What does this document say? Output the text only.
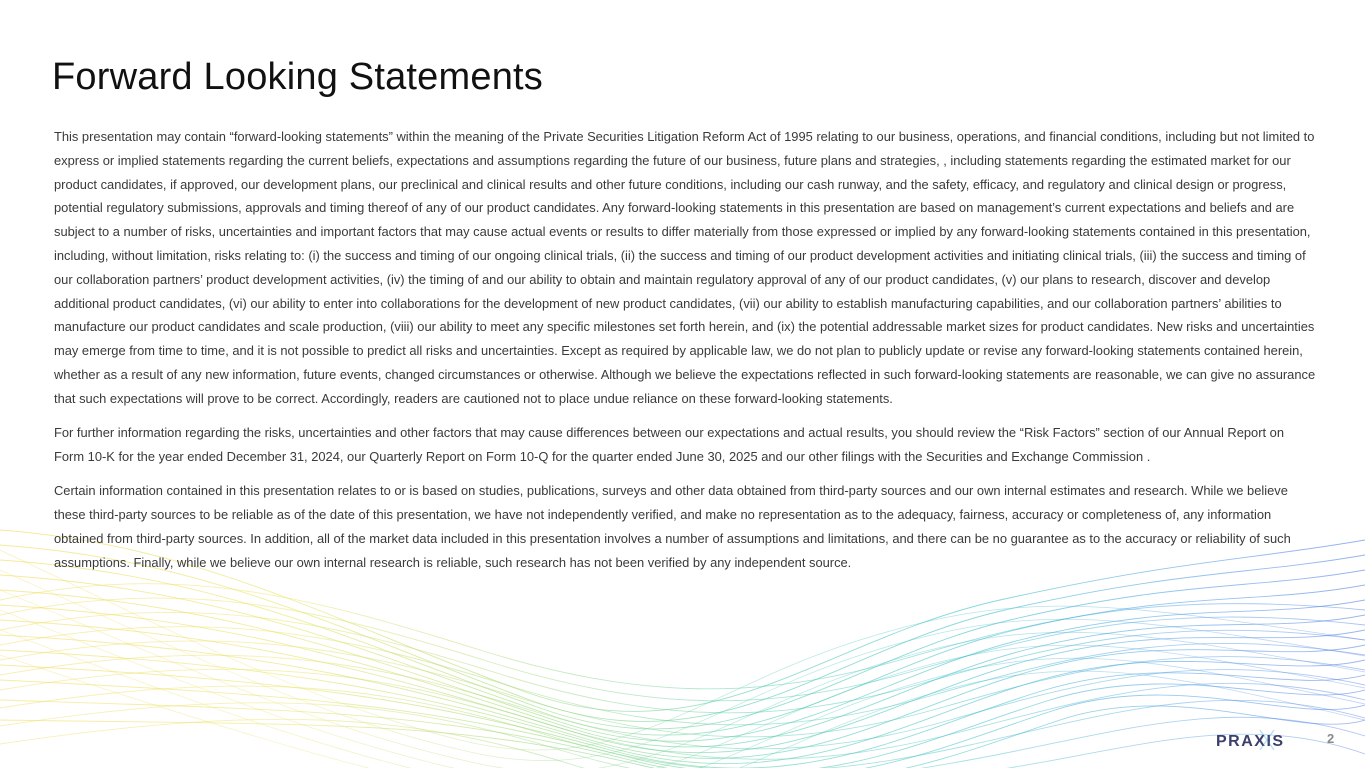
Forward Looking Statements

This presentation may contain “forward-looking statements” within the meaning of the Private Securities Litigation Reform Act of 1995 relating to our business, operations, and financial conditions, including but not limited to express or implied statements regarding the current beliefs, expectations and assumptions regarding the future of our business, future plans and strategies, , including statements regarding the estimated market for our product candidates, if approved, our development plans, our preclinical and clinical results and other future conditions, including our cash runway, and the safety, efficacy, and regulatory and clinical design or progress, potential regulatory submissions, approvals and timing thereof of any of our product candidates. Any forward-looking statements in this presentation are based on management’s current expectations and beliefs and are subject to a number of risks, uncertainties and important factors that may cause actual events or results to differ materially from those expressed or implied by any forward-looking statements contained in this presentation, including, without limitation, risks relating to: (i) the success and timing of our ongoing clinical trials, (ii) the success and timing of our product development activities and initiating clinical trials, (iii) the success and timing of our collaboration partners’ product development activities, (iv) the timing of and our ability to obtain and maintain regulatory approval of any of our product candidates, (v) our plans to research, discover and develop additional product candidates, (vi) our ability to enter into collaborations for the development of new product candidates, (vii) our ability to establish manufacturing capabilities, and our collaboration partners’ abilities to manufacture our product candidates and scale production, (viii) our ability to meet any specific milestones set forth herein, and (ix) the potential addressable market sizes for product candidates. New risks and uncertainties may emerge from time to time, and it is not possible to predict all risks and uncertainties. Except as required by applicable law, we do not plan to publicly update or revise any forward-looking statements contained herein, whether as a result of any new information, future events, changed circumstances or otherwise. Although we believe the expectations reflected in such forward-looking statements are reasonable, we can give no assurance that such expectations will prove to be correct. Accordingly, readers are cautioned not to place undue reliance on these forward-looking statements.

For further information regarding the risks, uncertainties and other factors that may cause differences between our expectations and actual results, you should review the “Risk Factors” section of our Annual Report on Form 10-K for the year ended December 31, 2024, our Quarterly Report on Form 10-Q for the quarter ended June 30, 2025 and our other filings with the Securities and Exchange Commission .

Certain information contained in this presentation relates to or is based on studies, publications, surveys and other data obtained from third-party sources and our own internal estimates and research. While we believe these third-party sources to be reliable as of the date of this presentation, we have not independently verified, and make no representation as to the adequacy, fairness, accuracy or completeness of, any information obtained from third-party sources. In addition, all of the market data included in this presentation involves a number of assumptions and limitations, and there can be no guarantee as to the accuracy or reliability of such assumptions. Finally, while we believe our own internal research is reliable, such research has not been verified by any independent source.

PRAXIS	2
